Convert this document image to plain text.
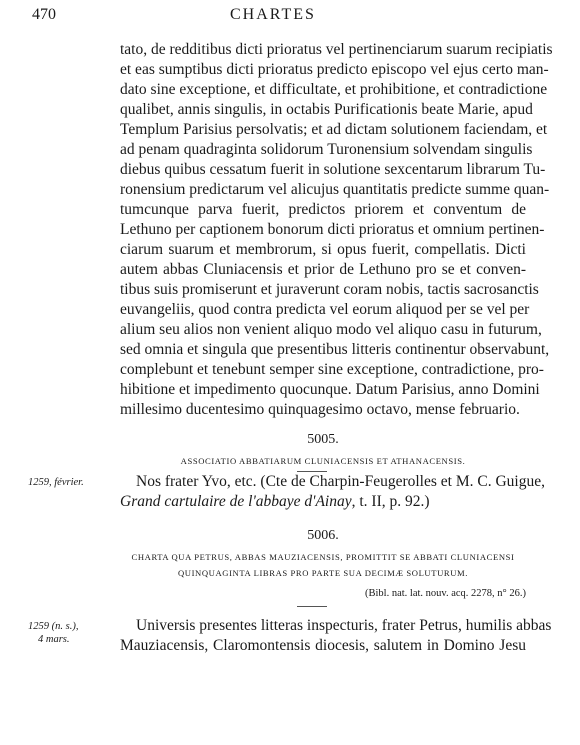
470	CHARTES
tato, de redditibus dicti prioratus vel pertinenciarum suarum recipiatis
et eas sumptibus dicti prioratus predicto episcopo vel ejus certo man-
dato sine exceptione, et difficultate, et prohibitione, et contradictione
qualibet, annis singulis, in octabis Purificationis beate Marie, apud
Templum Parisius persolvatis; et ad dictam solutionem faciendam, et
ad penam quadraginta solidorum Turonensium solvendam singulis
diebus quibus cessatum fuerit in solutione sexcentarum librarum Tu-
ronensium predictarum vel alicujus quantitatis predicte summe quan-
tumcunque parva fuerit, predictos priorem et conventum de
Lethuno per captionem bonorum dicti prioratus et omnium pertinen-
ciarum suarum et membrorum, si opus fuerit, compellatis. Dicti
autem abbas Cluniacensis et prior de Lethuno pro se et conven-
tibus suis promiserunt et juraverunt coram nobis, tactis sacrosanctis
euvangeliis, quod contra predicta vel eorum aliquod per se vel per
alium seu alios non venient aliquo modo vel aliquo casu in futurum,
sed omnia et singula que presentibus litteris continentur observabunt,
complebunt et tenebunt semper sine exceptione, contradictione, pro-
hibitione et impedimento quocunque. Datum Parisius, anno Domini
millesimo ducentesimo quinquagesimo octavo, mense februario.
5005.
ASSOCIATIO ABBATIARUM CLUNIACENSIS ET ATHANACENSIS.
1259, février.	Nos frater Yvo, etc. (Cte de Charpin-Feugerolles et M. C. Guigue,
Grand cartulaire de l'abbaye d'Ainay, t. II, p. 92.)
5006.
CHARTA QUA PETRUS, ABBAS MAUZIACENSIS, PROMITTIT SE ABBATI CLUNIACENSI
QUINQUAGINTA LIBRAS PRO PARTE SUA DECIMÆ SOLUTURUM.
(Bibl. nat. lat. nouv. acq. 2278, n° 26.)
1259 (n. s.),
4 mars.
Universis presentes litteras inspecturis, frater Petrus, humilis abbas
Mauziacensis, Claromontensis diocesis, salutem in Domino Jesu
